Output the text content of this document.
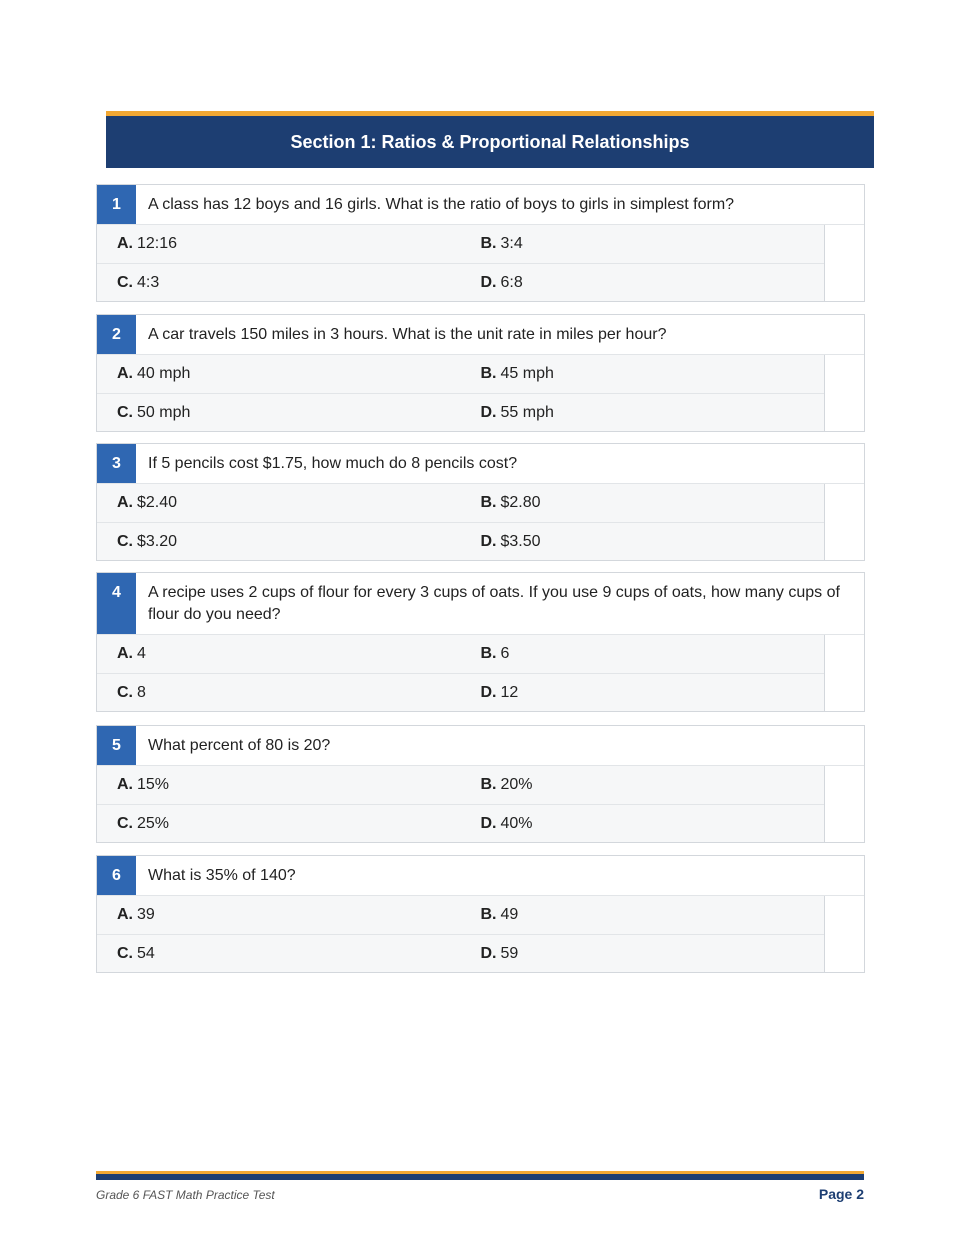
Section 1: Ratios & Proportional Relationships
1	A class has 12 boys and 16 girls. What is the ratio of boys to girls in simplest form?
A. 12:16	B. 3:4
C. 4:3	D. 6:8
2	A car travels 150 miles in 3 hours. What is the unit rate in miles per hour?
A. 40 mph	B. 45 mph
C. 50 mph	D. 55 mph
3	If 5 pencils cost $1.75, how much do 8 pencils cost?
A. $2.40	B. $2.80
C. $3.20	D. $3.50
4	A recipe uses 2 cups of flour for every 3 cups of oats. If you use 9 cups of oats, how many cups of flour do you need?
A. 4	B. 6
C. 8	D. 12
5	What percent of 80 is 20?
A. 15%	B. 20%
C. 25%	D. 40%
6	What is 35% of 140?
A. 39	B. 49
C. 54	D. 59
Grade 6 FAST Math Practice Test	Page 2
